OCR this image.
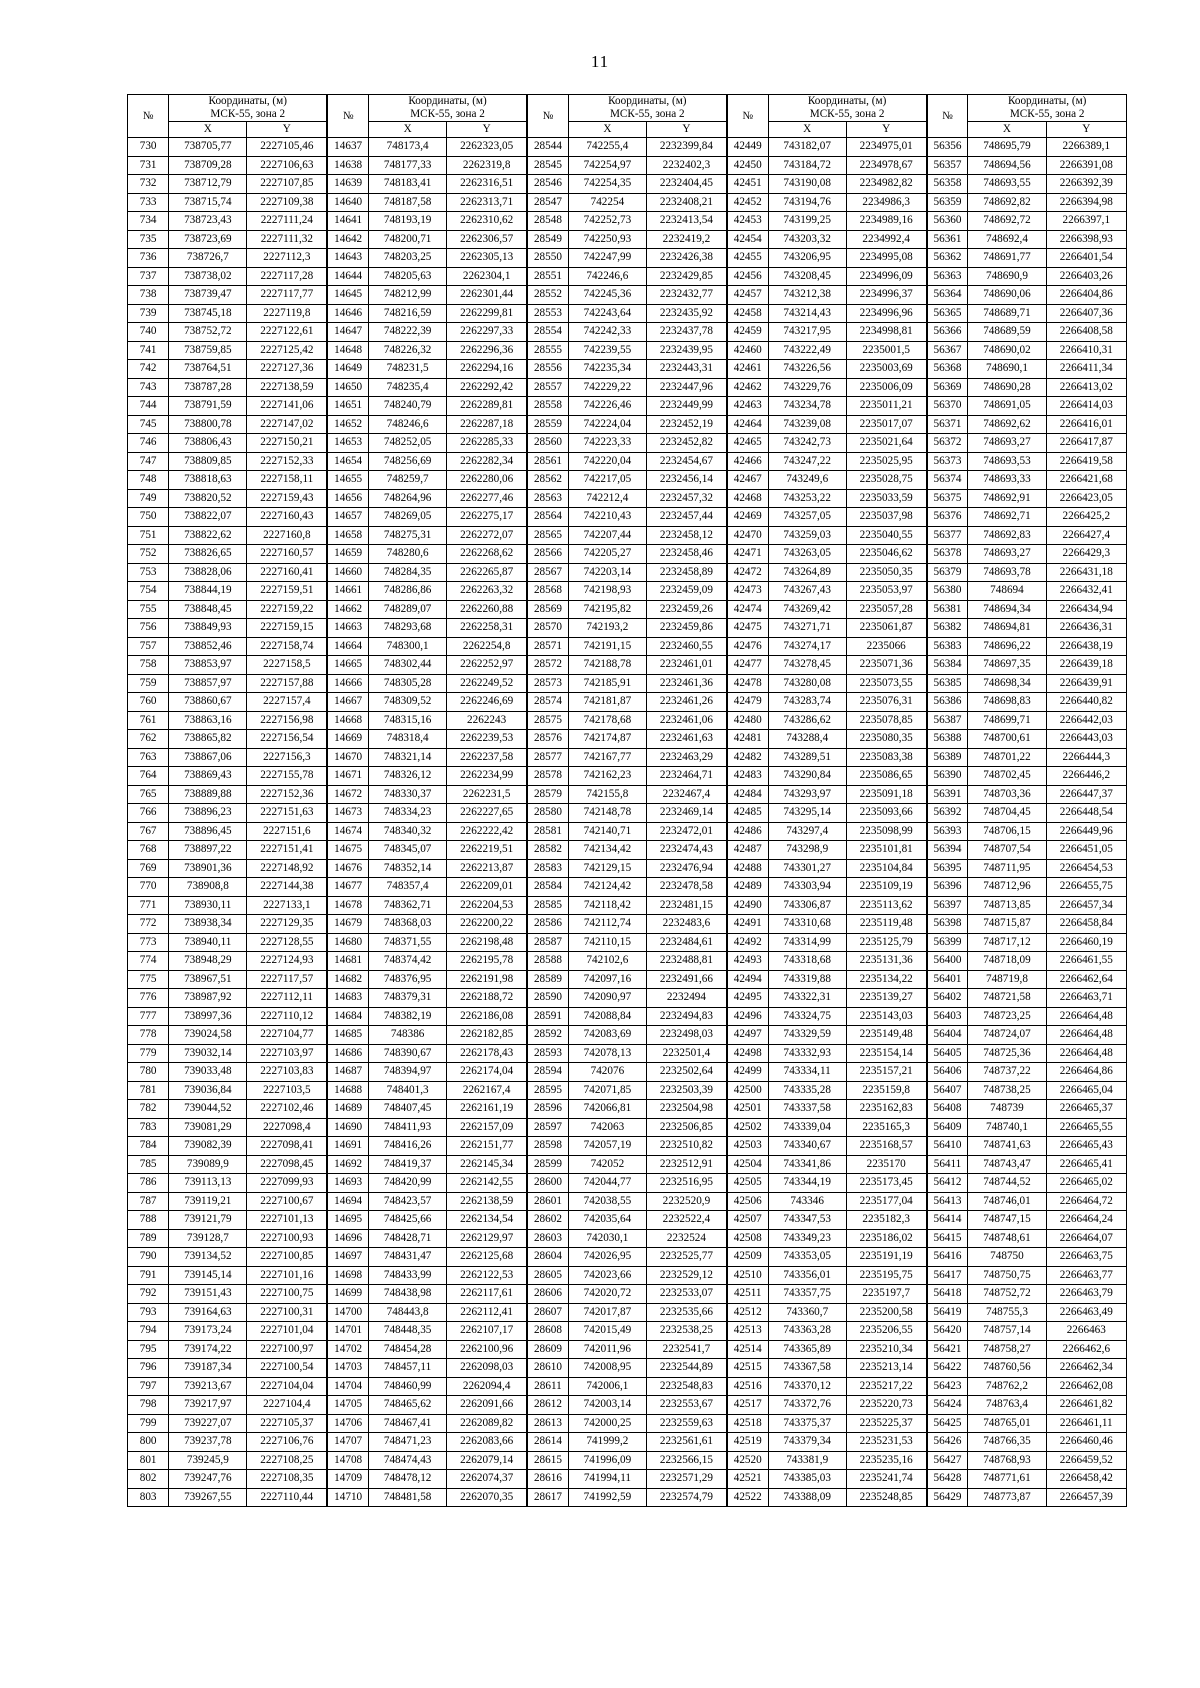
11
№	Координаты, (м)
МСК-55, зона 2		№	Координаты, (м)
МСК-55, зона 2		№	Координаты, (м)
МСК-55, зона 2		№	Координаты, (м)
МСК-55, зона 2		№	Координаты, (м)
МСК-55, зона 2	
	X	Y		X	Y		X	Y		X	Y		X	Y
730	738705,77	2227105,46	14637	748173,4	2262323,05	28544	742255,4	2232399,84	42449	743182,07	2234975,01	56356	748695,79	2266389,1
731	738709,28	2227106,63	14638	748177,33	2262319,8	28545	742254,97	2232402,3	42450	743184,72	2234978,67	56357	748694,56	2266391,08
732	738712,79	2227107,85	14639	748183,41	2262316,51	28546	742254,35	2232404,45	42451	743190,08	2234982,82	56358	748693,55	2266392,39
733	738715,74	2227109,38	14640	748187,58	2262313,71	28547	742254	2232408,21	42452	743194,76	2234986,3	56359	748692,82	2266394,98
734	738723,43	2227111,24	14641	748193,19	2262310,62	28548	742252,73	2232413,54	42453	743199,25	2234989,16	56360	748692,72	2266397,1
735	738723,69	2227111,32	14642	748200,71	2262306,57	28549	742250,93	2232419,2	42454	743203,32	2234992,4	56361	748692,4	2266398,93
736	738726,7	2227112,3	14643	748203,25	2262305,13	28550	742247,99	2232426,38	42455	743206,95	2234995,08	56362	748691,77	2266401,54
737	738738,02	2227117,28	14644	748205,63	2262304,1	28551	742246,6	2232429,85	42456	743208,45	2234996,09	56363	748690,9	2266403,26
738	738739,47	2227117,77	14645	748212,99	2262301,44	28552	742245,36	2232432,77	42457	743212,38	2234996,37	56364	748690,06	2266404,86
739	738745,18	2227119,8	14646	748216,59	2262299,81	28553	742243,64	2232435,92	42458	743214,43	2234996,96	56365	748689,71	2266407,36
740	738752,72	2227122,61	14647	748222,39	2262297,33	28554	742242,33	2232437,78	42459	743217,95	2234998,81	56366	748689,59	2266408,58
741	738759,85	2227125,42	14648	748226,32	2262296,36	28555	742239,55	2232439,95	42460	743222,49	2235001,5	56367	748690,02	2266410,31
742	738764,51	2227127,36	14649	748231,5	2262294,16	28556	742235,34	2232443,31	42461	743226,56	2235003,69	56368	748690,1	2266411,34
743	738787,28	2227138,59	14650	748235,4	2262292,42	28557	742229,22	2232447,96	42462	743229,76	2235006,09	56369	748690,28	2266413,02
744	738791,59	2227141,06	14651	748240,79	2262289,81	28558	742226,46	2232449,99	42463	743234,78	2235011,21	56370	748691,05	2266414,03
745	738800,78	2227147,02	14652	748246,6	2262287,18	28559	742224,04	2232452,19	42464	743239,08	2235017,07	56371	748692,62	2266416,01
746	738806,43	2227150,21	14653	748252,05	2262285,33	28560	742223,33	2232452,82	42465	743242,73	2235021,64	56372	748693,27	2266417,87
747	738809,85	2227152,33	14654	748256,69	2262282,34	28561	742220,04	2232454,67	42466	743247,22	2235025,95	56373	748693,53	2266419,58
748	738818,63	2227158,11	14655	748259,7	2262280,06	28562	742217,05	2232456,14	42467	743249,6	2235028,75	56374	748693,33	2266421,68
749	738820,52	2227159,43	14656	748264,96	2262277,46	28563	742212,4	2232457,32	42468	743253,22	2235033,59	56375	748692,91	2266423,05
750	738822,07	2227160,43	14657	748269,05	2262275,17	28564	742210,43	2232457,44	42469	743257,05	2235037,98	56376	748692,71	2266425,2
751	738822,62	2227160,8	14658	748275,31	2262272,07	28565	742207,44	2232458,12	42470	743259,03	2235040,55	56377	748692,83	2266427,4
752	738826,65	2227160,57	14659	748280,6	2262268,62	28566	742205,27	2232458,46	42471	743263,05	2235046,62	56378	748693,27	2266429,3
753	738828,06	2227160,41	14660	748284,35	2262265,87	28567	742203,14	2232458,89	42472	743264,89	2235050,35	56379	748693,78	2266431,18
754	738844,19	2227159,51	14661	748286,86	2262263,32	28568	742198,93	2232459,09	42473	743267,43	2235053,97	56380	748694	2266432,41
755	738848,45	2227159,22	14662	748289,07	2262260,88	28569	742195,82	2232459,26	42474	743269,42	2235057,28	56381	748694,34	2266434,94
756	738849,93	2227159,15	14663	748293,68	2262258,31	28570	742193,2	2232459,86	42475	743271,71	2235061,87	56382	748694,81	2266436,31
757	738852,46	2227158,74	14664	748300,1	2262254,8	28571	742191,15	2232460,55	42476	743274,17	2235066	56383	748696,22	2266438,19
758	738853,97	2227158,5	14665	748302,44	2262252,97	28572	742188,78	2232461,01	42477	743278,45	2235071,36	56384	748697,35	2266439,18
759	738857,97	2227157,88	14666	748305,28	2262249,52	28573	742185,91	2232461,36	42478	743280,08	2235073,55	56385	748698,34	2266439,91
760	738860,67	2227157,4	14667	748309,52	2262246,69	28574	742181,87	2232461,26	42479	743283,74	2235076,31	56386	748698,83	2266440,82
761	738863,16	2227156,98	14668	748315,16	2262243	28575	742178,68	2232461,06	42480	743286,62	2235078,85	56387	748699,71	2266442,03
762	738865,82	2227156,54	14669	748318,4	2262239,53	28576	742174,87	2232461,63	42481	743288,4	2235080,35	56388	748700,61	2266443,03
763	738867,06	2227156,3	14670	748321,14	2262237,58	28577	742167,77	2232463,29	42482	743289,51	2235083,38	56389	748701,22	2266444,3
764	738869,43	2227155,78	14671	748326,12	2262234,99	28578	742162,23	2232464,71	42483	743290,84	2235086,65	56390	748702,45	2266446,2
765	738889,88	2227152,36	14672	748330,37	2262231,5	28579	742155,8	2232467,4	42484	743293,97	2235091,18	56391	748703,36	2266447,37
766	738896,23	2227151,63	14673	748334,23	2262227,65	28580	742148,78	2232469,14	42485	743295,14	2235093,66	56392	748704,45	2266448,54
767	738896,45	2227151,6	14674	748340,32	2262222,42	28581	742140,71	2232472,01	42486	743297,4	2235098,99	56393	748706,15	2266449,96
768	738897,22	2227151,41	14675	748345,07	2262219,51	28582	742134,42	2232474,43	42487	743298,9	2235101,81	56394	748707,54	2266451,05
769	738901,36	2227148,92	14676	748352,14	2262213,87	28583	742129,15	2232476,94	42488	743301,27	2235104,84	56395	748711,95	2266454,53
770	738908,8	2227144,38	14677	748357,4	2262209,01	28584	742124,42	2232478,58	42489	743303,94	2235109,19	56396	748712,96	2266455,75
771	738930,11	2227133,1	14678	748362,71	2262204,53	28585	742118,42	2232481,15	42490	743306,87	2235113,62	56397	748713,85	2266457,34
772	738938,34	2227129,35	14679	748368,03	2262200,22	28586	742112,74	2232483,6	42491	743310,68	2235119,48	56398	748715,87	2266458,84
773	738940,11	2227128,55	14680	748371,55	2262198,48	28587	742110,15	2232484,61	42492	743314,99	2235125,79	56399	748717,12	2266460,19
774	738948,29	2227124,93	14681	748374,42	2262195,78	28588	742102,6	2232488,81	42493	743318,68	2235131,36	56400	748718,09	2266461,55
775	738967,51	2227117,57	14682	748376,95	2262191,98	28589	742097,16	2232491,66	42494	743319,88	2235134,22	56401	748719,8	2266462,64
776	738987,92	2227112,11	14683	748379,31	2262188,72	28590	742090,97	2232494	42495	743322,31	2235139,27	56402	748721,58	2266463,71
777	738997,36	2227110,12	14684	748382,19	2262186,08	28591	742088,84	2232494,83	42496	743324,75	2235143,03	56403	748723,25	2266464,48
778	739024,58	2227104,77	14685	748386	2262182,85	28592	742083,69	2232498,03	42497	743329,59	2235149,48	56404	748724,07	2266464,48
779	739032,14	2227103,97	14686	748390,67	2262178,43	28593	742078,13	2232501,4	42498	743332,93	2235154,14	56405	748725,36	2266464,48
780	739033,48	2227103,83	14687	748394,97	2262174,04	28594	742076	2232502,64	42499	743334,11	2235157,21	56406	748737,22	2266464,86
781	739036,84	2227103,5	14688	748401,3	2262167,4	28595	742071,85	2232503,39	42500	743335,28	2235159,8	56407	748738,25	2266465,04
782	739044,52	2227102,46	14689	748407,45	2262161,19	28596	742066,81	2232504,98	42501	743337,58	2235162,83	56408	748739	2266465,37
783	739081,29	2227098,4	14690	748411,93	2262157,09	28597	742063	2232506,85	42502	743339,04	2235165,3	56409	748740,1	2266465,55
784	739082,39	2227098,41	14691	748416,26	2262151,77	28598	742057,19	2232510,82	42503	743340,67	2235168,57	56410	748741,63	2266465,43
785	739089,9	2227098,45	14692	748419,37	2262145,34	28599	742052	2232512,91	42504	743341,86	2235170	56411	748743,47	2266465,41
786	739113,13	2227099,93	14693	748420,99	2262142,55	28600	742044,77	2232516,95	42505	743344,19	2235173,45	56412	748744,52	2266465,02
787	739119,21	2227100,67	14694	748423,57	2262138,59	28601	742038,55	2232520,9	42506	743346	2235177,04	56413	748746,01	2266464,72
788	739121,79	2227101,13	14695	748425,66	2262134,54	28602	742035,64	2232522,4	42507	743347,53	2235182,3	56414	748747,15	2266464,24
789	739128,7	2227100,93	14696	748428,71	2262129,97	28603	742030,1	2232524	42508	743349,23	2235186,02	56415	748748,61	2266464,07
790	739134,52	2227100,85	14697	748431,47	2262125,68	28604	742026,95	2232525,77	42509	743353,05	2235191,19	56416	748750	2266463,75
791	739145,14	2227101,16	14698	748433,99	2262122,53	28605	742023,66	2232529,12	42510	743356,01	2235195,75	56417	748750,75	2266463,77
792	739151,43	2227100,75	14699	748438,98	2262117,61	28606	742020,72	2232533,07	42511	743357,75	2235197,7	56418	748752,72	2266463,79
793	739164,63	2227100,31	14700	748443,8	2262112,41	28607	742017,87	2232535,66	42512	743360,7	2235200,58	56419	748755,3	2266463,49
794	739173,24	2227101,04	14701	748448,35	2262107,17	28608	742015,49	2232538,25	42513	743363,28	2235206,55	56420	748757,14	2266463
795	739174,22	2227100,97	14702	748454,28	2262100,96	28609	742011,96	2232541,7	42514	743365,89	2235210,34	56421	748758,27	2266462,6
796	739187,34	2227100,54	14703	748457,11	2262098,03	28610	742008,95	2232544,89	42515	743367,58	2235213,14	56422	748760,56	2266462,34
797	739213,67	2227104,04	14704	748460,99	2262094,4	28611	742006,1	2232548,83	42516	743370,12	2235217,22	56423	748762,2	2266462,08
798	739217,97	2227104,4	14705	748465,62	2262091,66	28612	742003,14	2232553,67	42517	743372,76	2235220,73	56424	748763,4	2266461,82
799	739227,07	2227105,37	14706	748467,41	2262089,82	28613	742000,25	2232559,63	42518	743375,37	2235225,37	56425	748765,01	2266461,11
800	739237,78	2227106,76	14707	748471,23	2262083,66	28614	741999,2	2232561,61	42519	743379,34	2235231,53	56426	748766,35	2266460,46
801	739245,9	2227108,25	14708	748474,43	2262079,14	28615	741996,09	2232566,15	42520	743381,9	2235235,16	56427	748768,93	2266459,52
802	739247,76	2227108,35	14709	748478,12	2262074,37	28616	741994,11	2232571,29	42521	743385,03	2235241,74	56428	748771,61	2266458,42
803	739267,55	2227110,44	14710	748481,58	2262070,35	28617	741992,59	2232574,79	42522	743388,09	2235248,85	56429	748773,87	2266457,39
